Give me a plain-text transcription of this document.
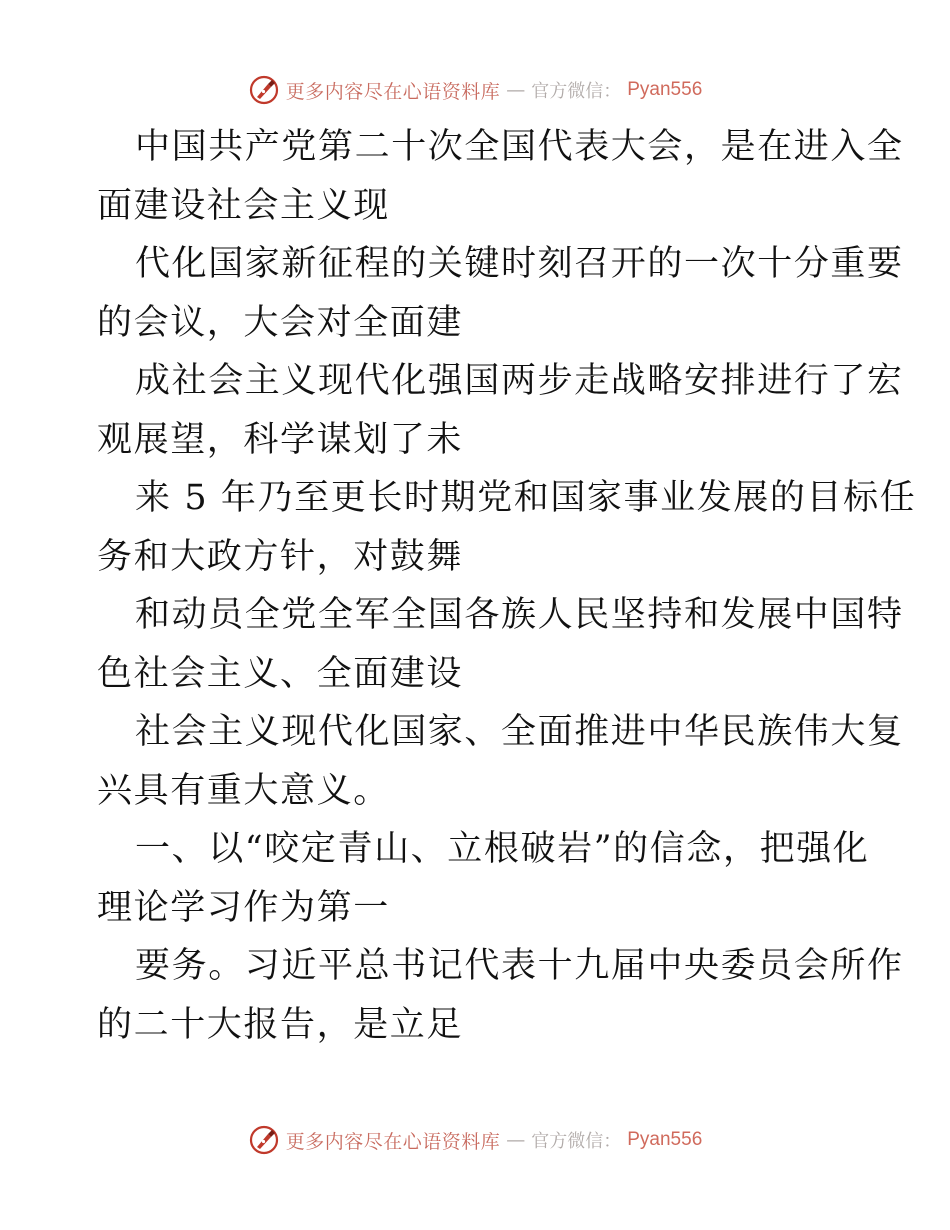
更多内容尽在心语资料库 — 官方微信： Pyan556

中国共产党第二十次全国代表大会，是在进入全

面建设社会主义现

代化国家新征程的关键时刻召开的一次十分重要

的会议，大会对全面建

成社会主义现代化强国两步走战略安排进行了宏

观展望，科学谋划了未

来 5 年乃至更长时期党和国家事业发展的目标任

务和大政方针，对鼓舞

和动员全党全军全国各族人民坚持和发展中国特

色社会主义、全面建设

社会主义现代化国家、全面推进中华民族伟大复

兴具有重大意义。

一、以“咬定青山、立根破岩”的信念，把强化

理论学习作为第一

要务。习近平总书记代表十九届中央委员会所作

的二十大报告，是立足

更多内容尽在心语资料库 — 官方微信： Pyan556
